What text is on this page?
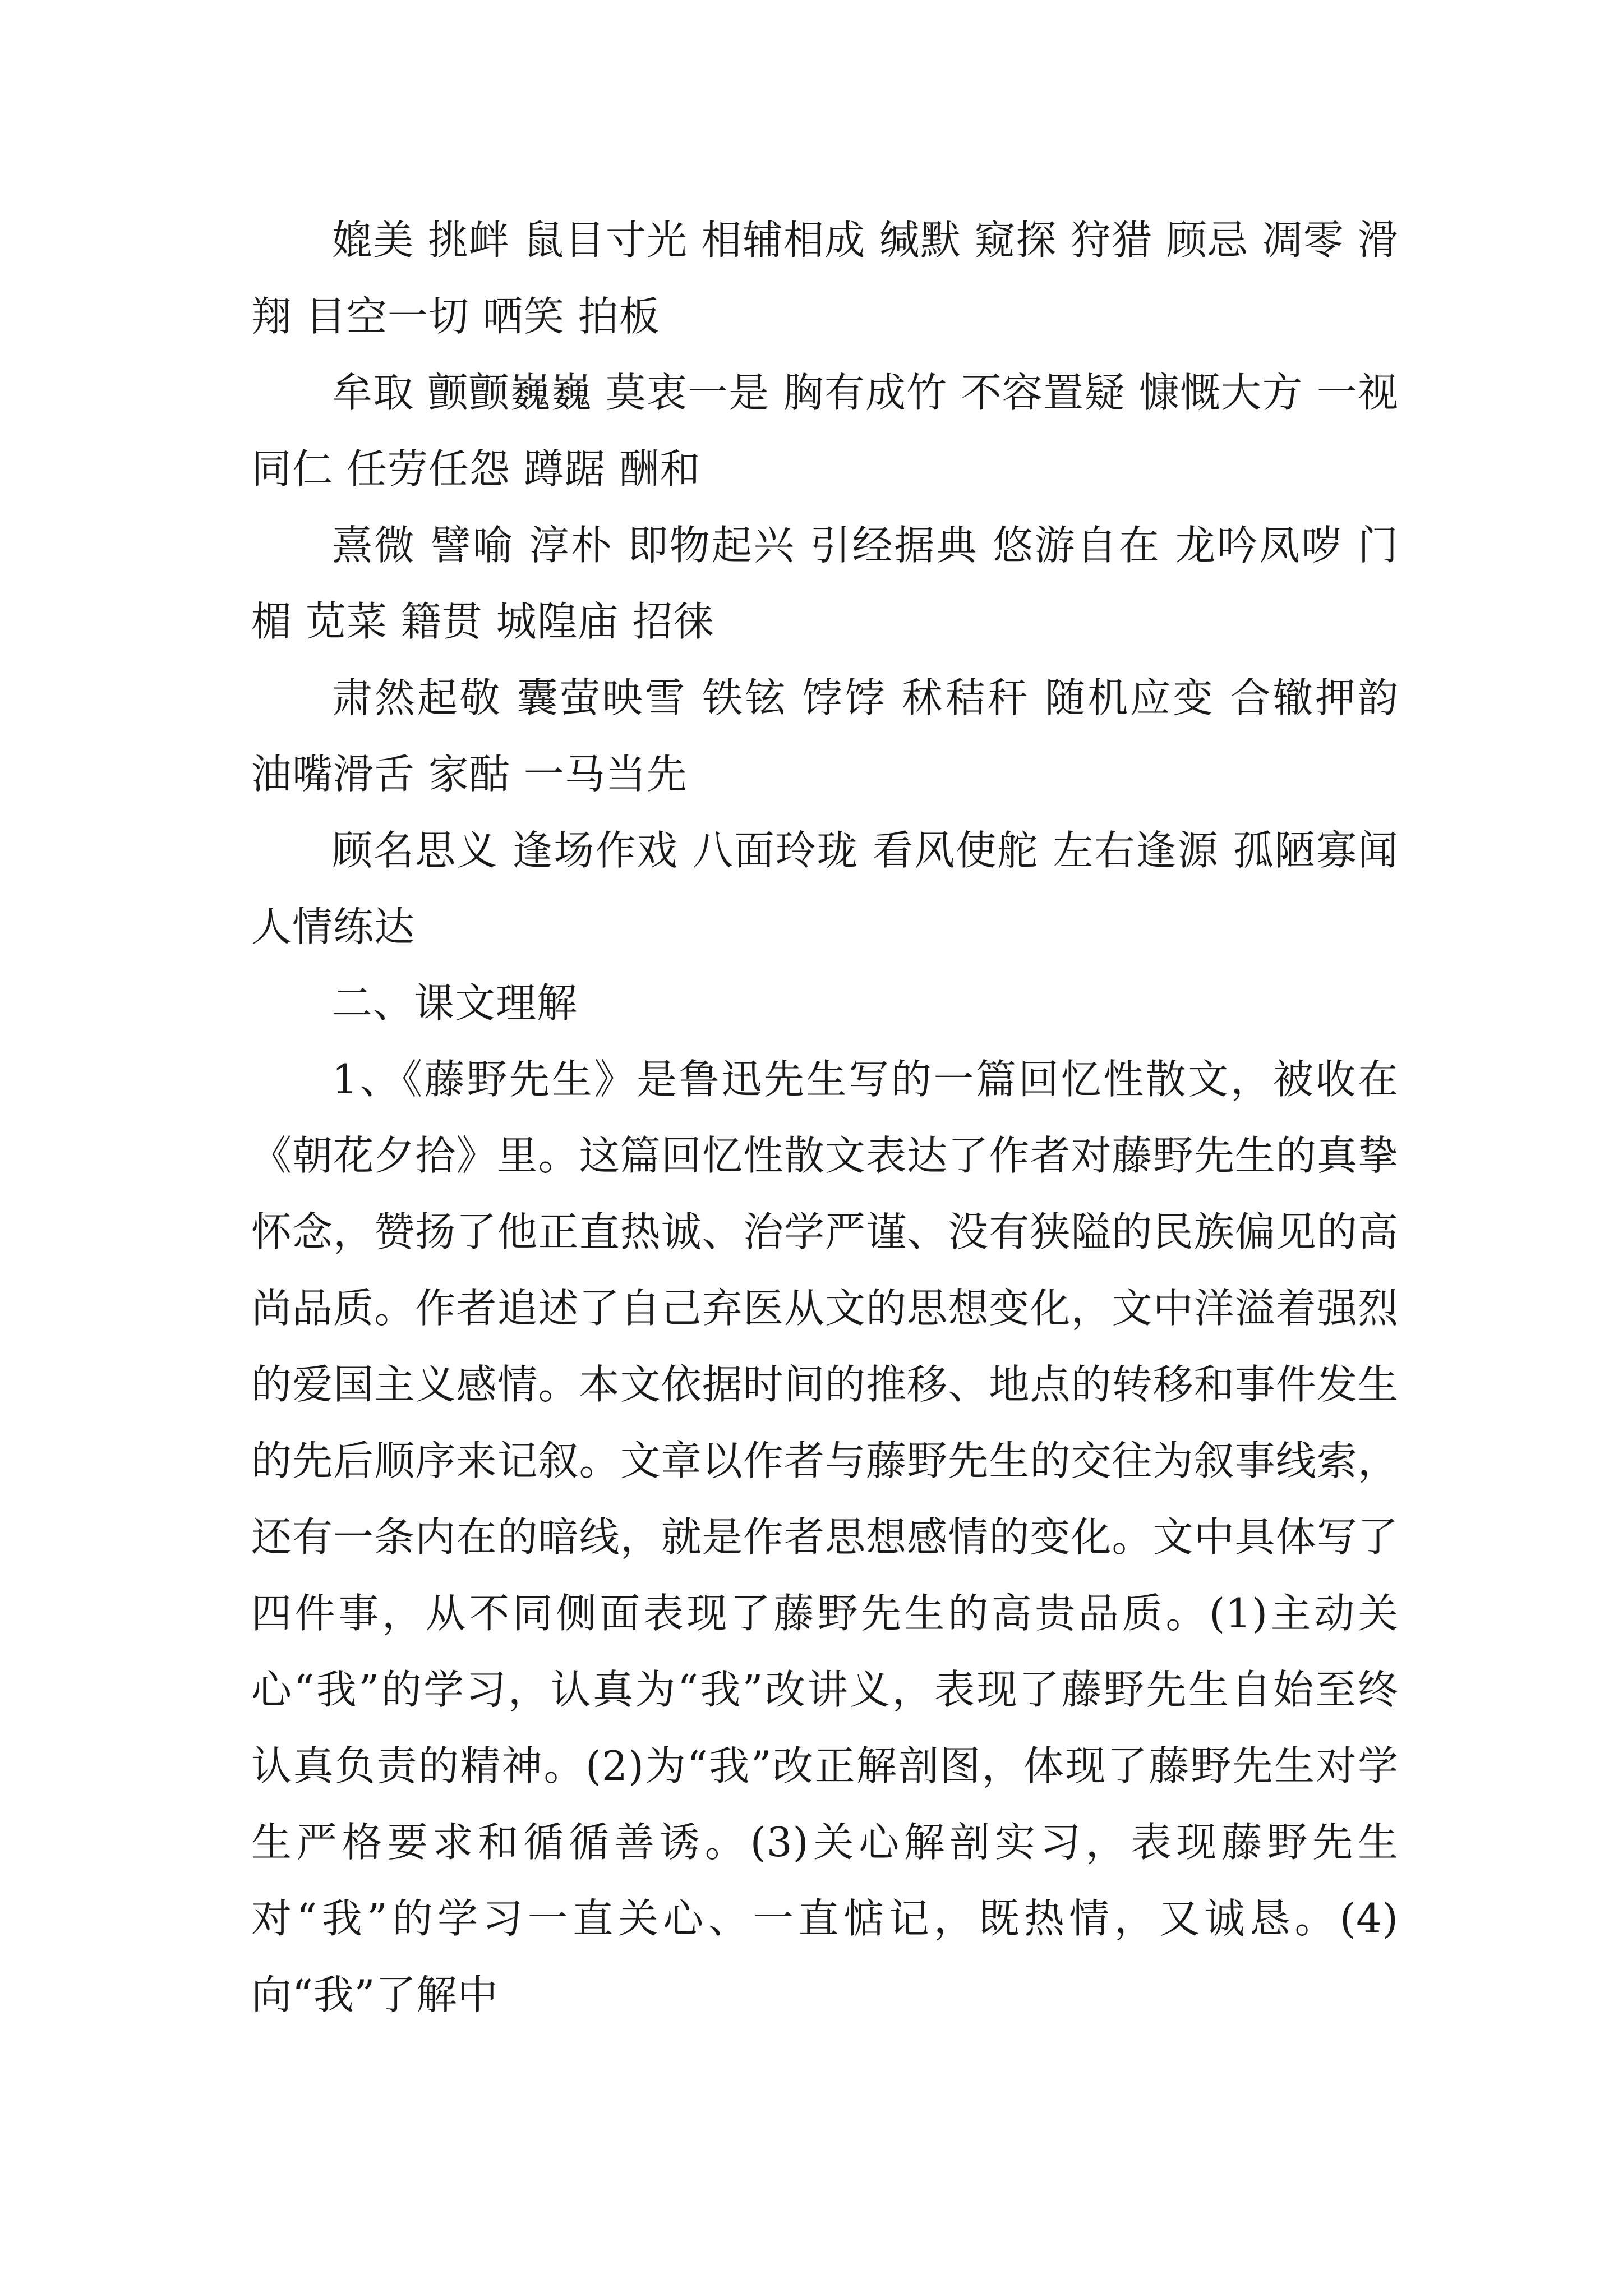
媲美 挑衅 鼠目寸光 相辅相成 缄默 窥探 狩猎 顾忌 凋零 滑翔 目空一切 哂笑 拍板

牟取 颤颤巍巍 莫衷一是 胸有成竹 不容置疑 慷慨大方 一视同仁 任劳任怨 蹲踞 酬和

熹微 譬喻 淳朴 即物起兴 引经据典 悠游自在 龙吟凤哕 门楣 苋菜 籍贯 城隍庙 招徕

肃然起敬 囊萤映雪 铁铉 饽饽 秫秸秆 随机应变 合辙押韵 油嘴滑舌 家酤 一马当先

顾名思义 逢场作戏 八面玲珑 看风使舵 左右逢源 孤陋寡闻 人情练达

二、课文理解

1、《藤野先生》是鲁迅先生写的一篇回忆性散文，被收在《朝花夕拾》里。这篇回忆性散文表达了作者对藤野先生的真挚怀念，赞扬了他正直热诚、治学严谨、没有狭隘的民族偏见的高尚品质。作者追述了自己弃医从文的思想变化，文中洋溢着强烈的爱国主义感情。本文依据时间的推移、地点的转移和事件发生的先后顺序来记叙。文章以作者与藤野先生的交往为叙事线索，还有一条内在的暗线，就是作者思想感情的变化。文中具体写了四件事，从不同侧面表现了藤野先生的高贵品质。(1)主动关心“我”的学习，认真为“我”改讲义，表现了藤野先生自始至终认真负责的精神。(2)为“我”改正解剖图，体现了藤野先生对学生严格要求和循循善诱。(3)关心解剖实习，表现藤野先生对“我”的学习一直关心、一直惦记，既热情，又诚恳。(4)向“我”了解中
